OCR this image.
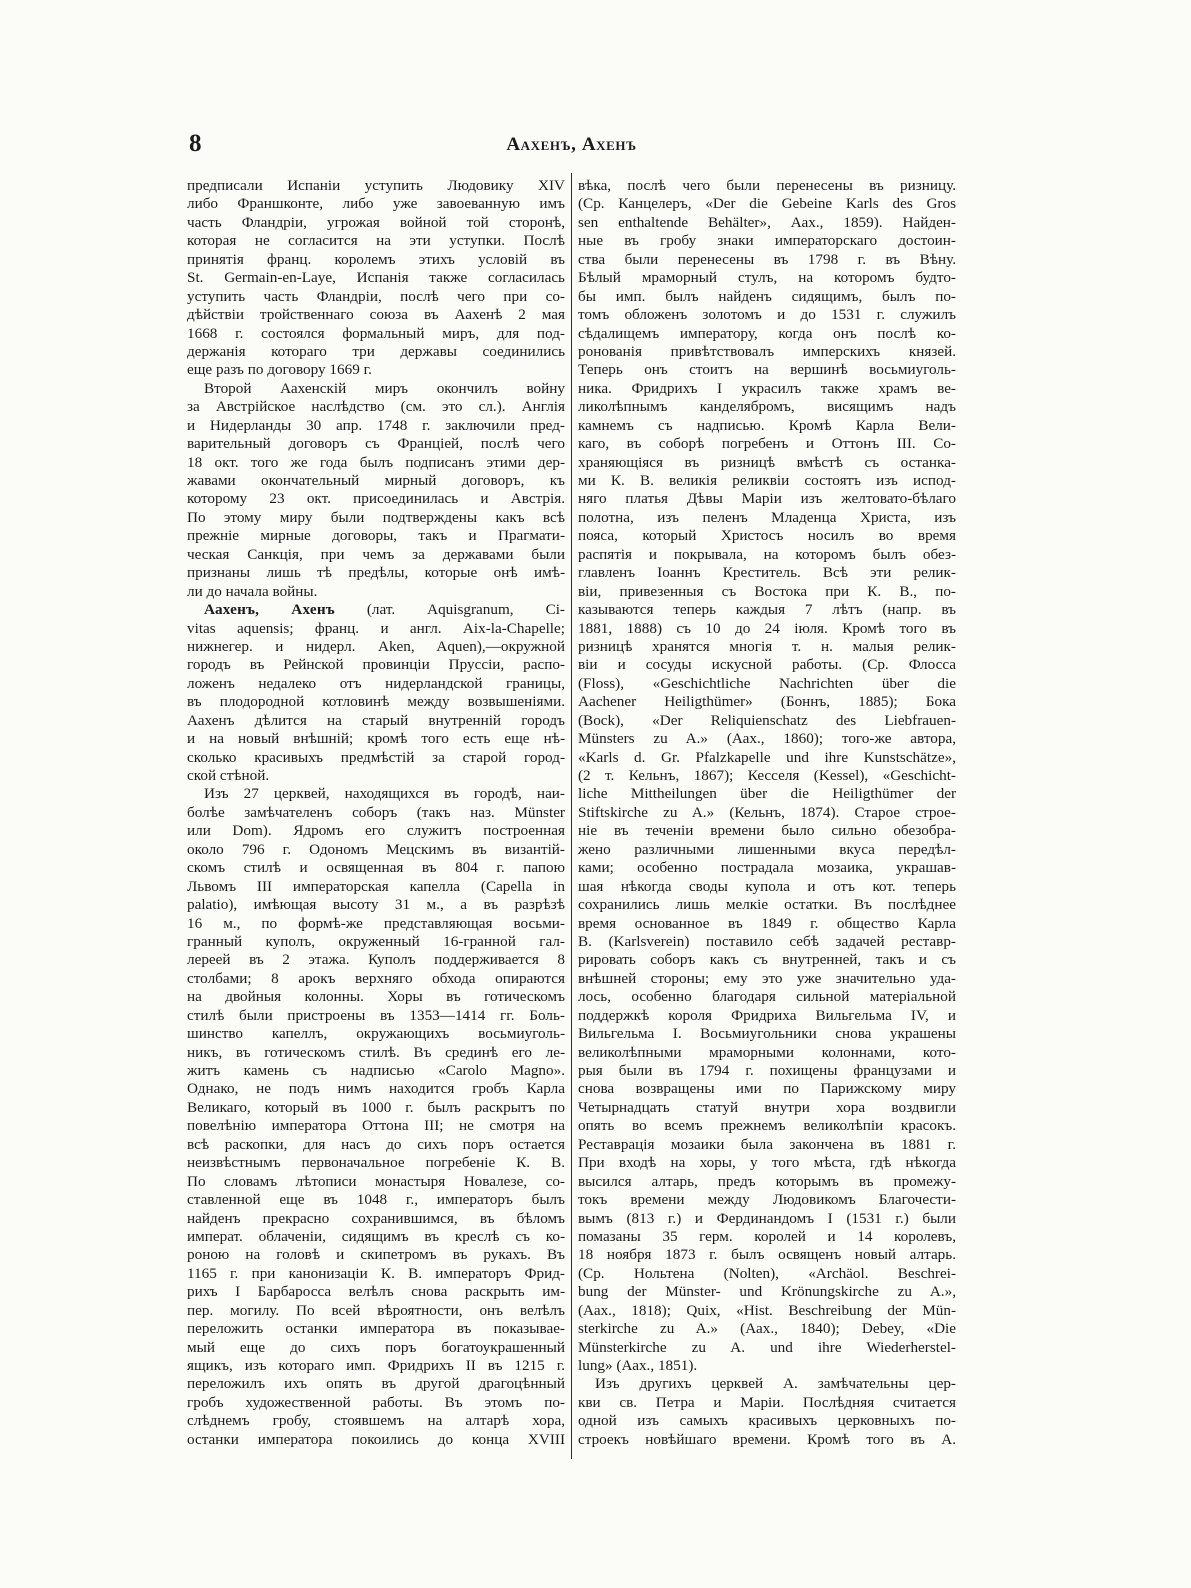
8	Аахенъ, Ахенъ
предписали Испаніи уступить Людовику XIV
либо Франшконте, либо уже завоеванную имъ
часть Фландріи, угрожая войной той сторонѣ,
которая не согласится на эти уступки. Послѣ
принятія франц. королемъ этихъ условій въ
St. Germain-en-Laye, Испанія также согласилась
уступить часть Фландріи, послѣ чего при со-
дѣйствіи тройственнаго союза въ Аахенѣ 2 мая
1668 г. состоялся формальный миръ, для под-
держанія котораго три державы соединились
еще разъ по договору 1669 г.
Второй Аахенскій миръ окончилъ войну
за Австрійское наслѣдство (см. это сл.). Англія
и Нидерланды 30 апр. 1748 г. заключили пред-
варительный договоръ съ Франціей, послѣ чего
18 окт. того же года былъ подписанъ этими дер-
жавами окончательный мирный договоръ, къ
которому 23 окт. присоединилась и Австрія.
По этому миру были подтверждены какъ всѣ
прежніе мирные договоры, такъ и Прагмати-
ческая Санкція, при чемъ за державами были
признаны лишь тѣ предѣлы, которые онѣ имѣ-
ли до начала войны.
Аахенъ, Ахенъ (лат. Aquisgranum, Ci-
vitas aquensis; франц. и англ. Aix-la-Chapelle;
нижнегер. и нидерл. Aken, Aquen),—окружной
городъ въ Рейнской провинціи Пруссіи, распо-
ложенъ недалеко отъ нидерландской границы,
въ плодородной котловинѣ между возвышеніями.
Аахенъ дѣлится на старый внутренній городъ
и на новый внѣшній; кромѣ того есть еще нѣ-
сколько красивыхъ предмѣстій за старой город-
ской стѣной.
Изъ 27 церквей, находящихся въ городѣ, наи-
болѣе замѣчателенъ соборъ (такъ наз. Münster
или Dom). Ядромъ его служитъ построенная
около 796 г. Одономъ Мецскимъ въ византій-
скомъ стилѣ и освященная въ 804 г. папою
Львомъ III императорская капелла (Capella in
palatio), имѣющая высоту 31 м., а въ разрѣзѣ
16 м., по формѣ-же представляющая восьми-
гранный куполъ, окруженный 16-гранной гал-
лереей въ 2 этажа. Куполъ поддерживается 8
столбами; 8 арокъ верхняго обхода опираются
на двойныя колонны. Хоры въ готическомъ
стилѣ были пристроены въ 1353—1414 гг. Боль-
шинство капеллъ, окружающихъ восьмиуголь-
никъ, въ готическомъ стилѣ. Въ срединѣ его ле-
житъ камень съ надписью «Carolo Magno».
Однако, не подъ нимъ находится гробъ Карла
Великаго, который въ 1000 г. былъ раскрытъ по
повелѣнію императора Оттона III; не смотря на
всѣ раскопки, для насъ до сихъ поръ остается
неизвѣстнымъ первоначальное погребеніе К. В.
По словамъ лѣтописи монастыря Новалезе, со-
ставленной еще въ 1048 г., императоръ былъ
найденъ прекрасно сохранившимся, въ бѣломъ
императ. облаченіи, сидящимъ въ креслѣ съ ко-
роною на головѣ и скипетромъ въ рукахъ. Въ
1165 г. при канонизаціи К. В. императоръ Фрид-
рихъ I Барбаросса велѣлъ снова раскрыть им-
пер. могилу. По всей вѣроятности, онъ велѣлъ
переложить останки императора въ показывае-
мый еще до сихъ поръ богатоукрашенный
ящикъ, изъ котораго имп. Фридрихъ II въ 1215 г.
переложилъ ихъ опять въ другой драгоцѣнный
гробъ художественной работы. Въ этомъ по-
слѣднемъ гробу, стоявшемъ на алтарѣ хора,
останки императора покоились до конца XVIII
вѣка, послѣ чего были перенесены въ ризницу.
(Ср. Канцелеръ, «Der die Gebeine Karls des Gros
sen enthaltende Behälter», Аах., 1859). Найден-
ные въ гробу знаки императорскаго достоин-
ства были перенесены въ 1798 г. въ Вѣну.
Бѣлый мраморный стулъ, на которомъ будто-
бы имп. былъ найденъ сидящимъ, былъ по-
томъ обложенъ золотомъ и до 1531 г. служилъ
сѣдалищемъ императору, когда онъ послѣ ко-
ронованія привѣтствовалъ имперскихъ князей.
Теперь онъ стоитъ на вершинѣ восьмиуголь-
ника. Фридрихъ I украсилъ также храмъ ве-
ликолѣпнымъ канделябромъ, висящимъ надъ
камнемъ съ надписью. Кромѣ Карла Вели-
каго, въ соборѣ погребенъ и Оттонъ III. Со-
храняющіяся въ ризницѣ вмѣстѣ съ останка-
ми К. В. великія реликвіи состоятъ изъ испод-
няго платья Дѣвы Маріи изъ желтовато-бѣлаго
полотна, изъ пеленъ Младенца Христа, изъ
пояса, который Христосъ носилъ во время
распятія и покрывала, на которомъ былъ обез-
главленъ Іоаннъ Креститель. Всѣ эти релик-
віи, привезенныя съ Востока при К. В., по-
казываются теперь каждыя 7 лѣтъ (напр. въ
1881, 1888) съ 10 до 24 іюля. Кромѣ того въ
ризницѣ хранятся многія т. н. малыя релик-
віи и сосуды искусной работы. (Ср. Флосса
(Floss), «Geschichtliche Nachrichten über die
Aachener Heiligthümer» (Боннъ, 1885); Бока
(Bock), «Der Reliquienschatz des Liebfrauen-
Münsters zu A.» (Аах., 1860); того-же автора,
«Karls d. Gr. Pfalzkapelle und ihre Kunstschätze»,
(2 т. Кельнъ, 1867); Кесселя (Kessel), «Geschicht-
liche Mittheilungen über die Heiligthümer der
Stiftskirche zu A.» (Кельнъ, 1874). Старое строе-
ніе въ теченіи времени было сильно обезобра-
жено различными лишенными вкуса передѣл-
ками; особенно пострадала мозаика, украшав-
шая нѣкогда своды купола и отъ кот. теперь
сохранились лишь мелкіе остатки. Въ послѣднее
время основанное въ 1849 г. общество Карла
В. (Karlsverein) поставило себѣ задачей реставр-
рировать соборъ какъ съ внутренней, такъ и съ
внѣшней стороны; ему это уже значительно уда-
лось, особенно благодаря сильной матеріальной
поддержкѣ короля Фридриха Вильгельма IV, и
Вильгельма I. Восьмиугольники снова украшены
великолѣпными мраморными колоннами, кото-
рыя были въ 1794 г. похищены французами и
снова возвращены ими по Парижскому миру
Четырнадцать статуй внутри хора воздвигли
опять во всемъ прежнемъ великолѣпіи красокъ.
Реставрація мозаики была закончена въ 1881 г.
При входѣ на хоры, у того мѣста, гдѣ нѣкогда
высился алтарь, предъ которымъ въ промежу-
токъ времени между Людовикомъ Благочести-
вымъ (813 г.) и Фердинандомъ I (1531 г.) были
помазаны 35 герм. королей и 14 королевъ,
18 ноября 1873 г. былъ освященъ новый алтарь.
(Ср. Нольтена (Nolten), «Archäol. Beschrei-
bung der Münster- und Krönungskirche zu A.»,
(Аах., 1818); Quix, «Hist. Beschreibung der Mün-
sterkirche zu A.» (Аах., 1840); Debey, «Die
Münsterkirche zu A. und ihre Wiederherstel-
lung» (Аах., 1851).
Изъ другихъ церквей А. замѣчательны цер-
кви св. Петра и Маріи. Послѣдняя считается
одной изъ самыхъ красивыхъ церковныхъ по-
строекъ новѣйшаго времени. Кромѣ того въ А.
